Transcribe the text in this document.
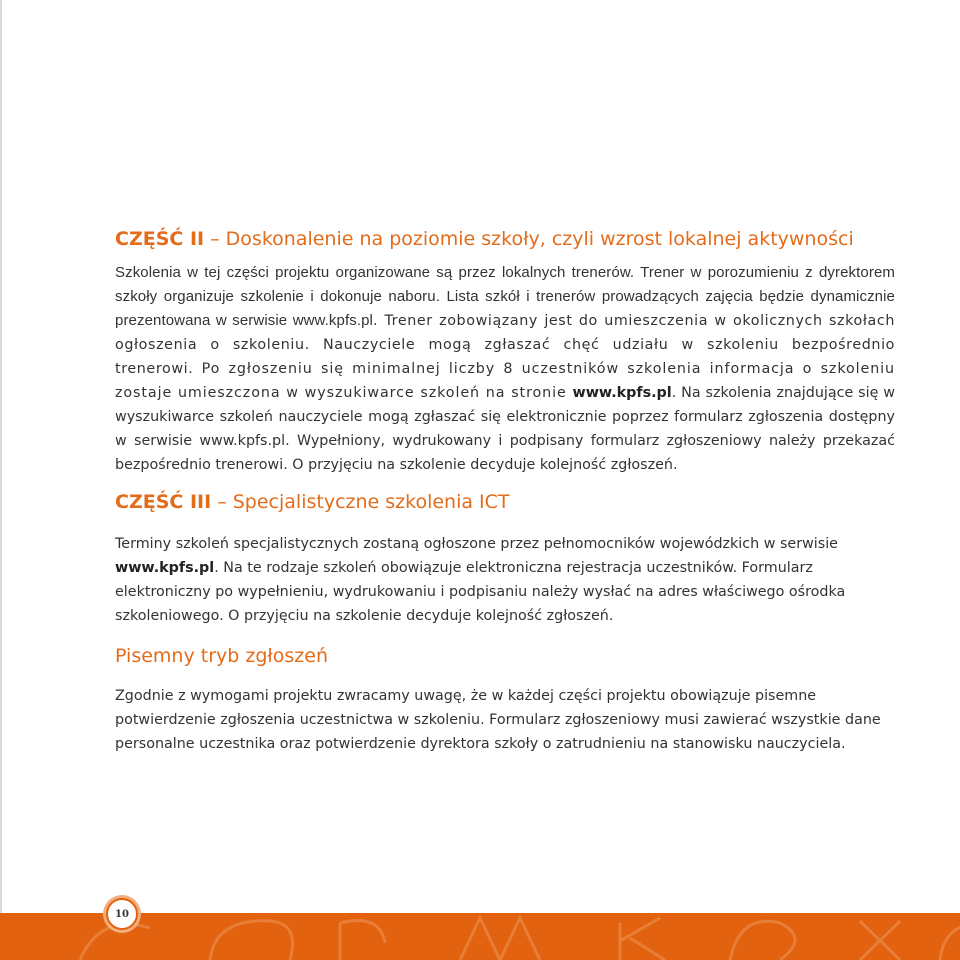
CZĘŚĆ II – Doskonalenie na poziomie szkoły, czyli wzrost lokalnej aktywności

Szkolenia w tej części projektu organizowane są przez lokalnych trenerów. Trener w porozumieniu z dyrektorem szkoły organizuje szkolenie i dokonuje naboru. Lista szkół i trenerów prowadzących zajęcia będzie dynamicznie prezentowana w serwisie www.kpfs.pl. Trener zobowiązany jest do umieszczenia w okolicznych szkołach ogłoszenia o szkoleniu. Nauczyciele mogą zgłaszać chęć udziału w szkoleniu bezpośrednio trenerowi. Po zgłoszeniu się minimalnej liczby 8 uczestników szkolenia informacja o szkoleniu zostaje umieszczona w wyszukiwarce szkoleń na stronie www.kpfs.pl. Na szkolenia znajdujące się w wyszukiwarce szkoleń nauczyciele mogą zgłaszać się elektronicznie poprzez formularz zgłoszenia dostępny w serwisie www.kpfs.pl. Wypełniony, wydrukowany i podpisany formularz zgłoszeniowy należy przekazać bezpośrednio trenerowi. O przyjęciu na szkolenie decyduje kolejność zgłoszeń.

CZĘŚĆ III – Specjalistyczne szkolenia ICT

Terminy szkoleń specjalistycznych zostaną ogłoszone przez pełnomocników wojewódzkich w serwisie www.kpfs.pl. Na te rodzaje szkoleń obowiązuje elektroniczna rejestracja uczestników. Formularz elektroniczny po wypełnieniu, wydrukowaniu i podpisaniu należy wysłać na adres właściwego ośrodka szkoleniowego. O przyjęciu na szkolenie decyduje kolejność zgłoszeń.

Pisemny tryb zgłoszeń

Zgodnie z wymogami projektu zwracamy uwagę, że w każdej części projektu obowiązuje pisemne potwierdzenie zgłoszenia uczestnictwa w szkoleniu. Formularz zgłoszeniowy musi zawierać wszystkie dane personalne uczestnika oraz potwierdzenie dyrektora szkoły o zatrudnieniu na stanowisku nauczyciela.

10
